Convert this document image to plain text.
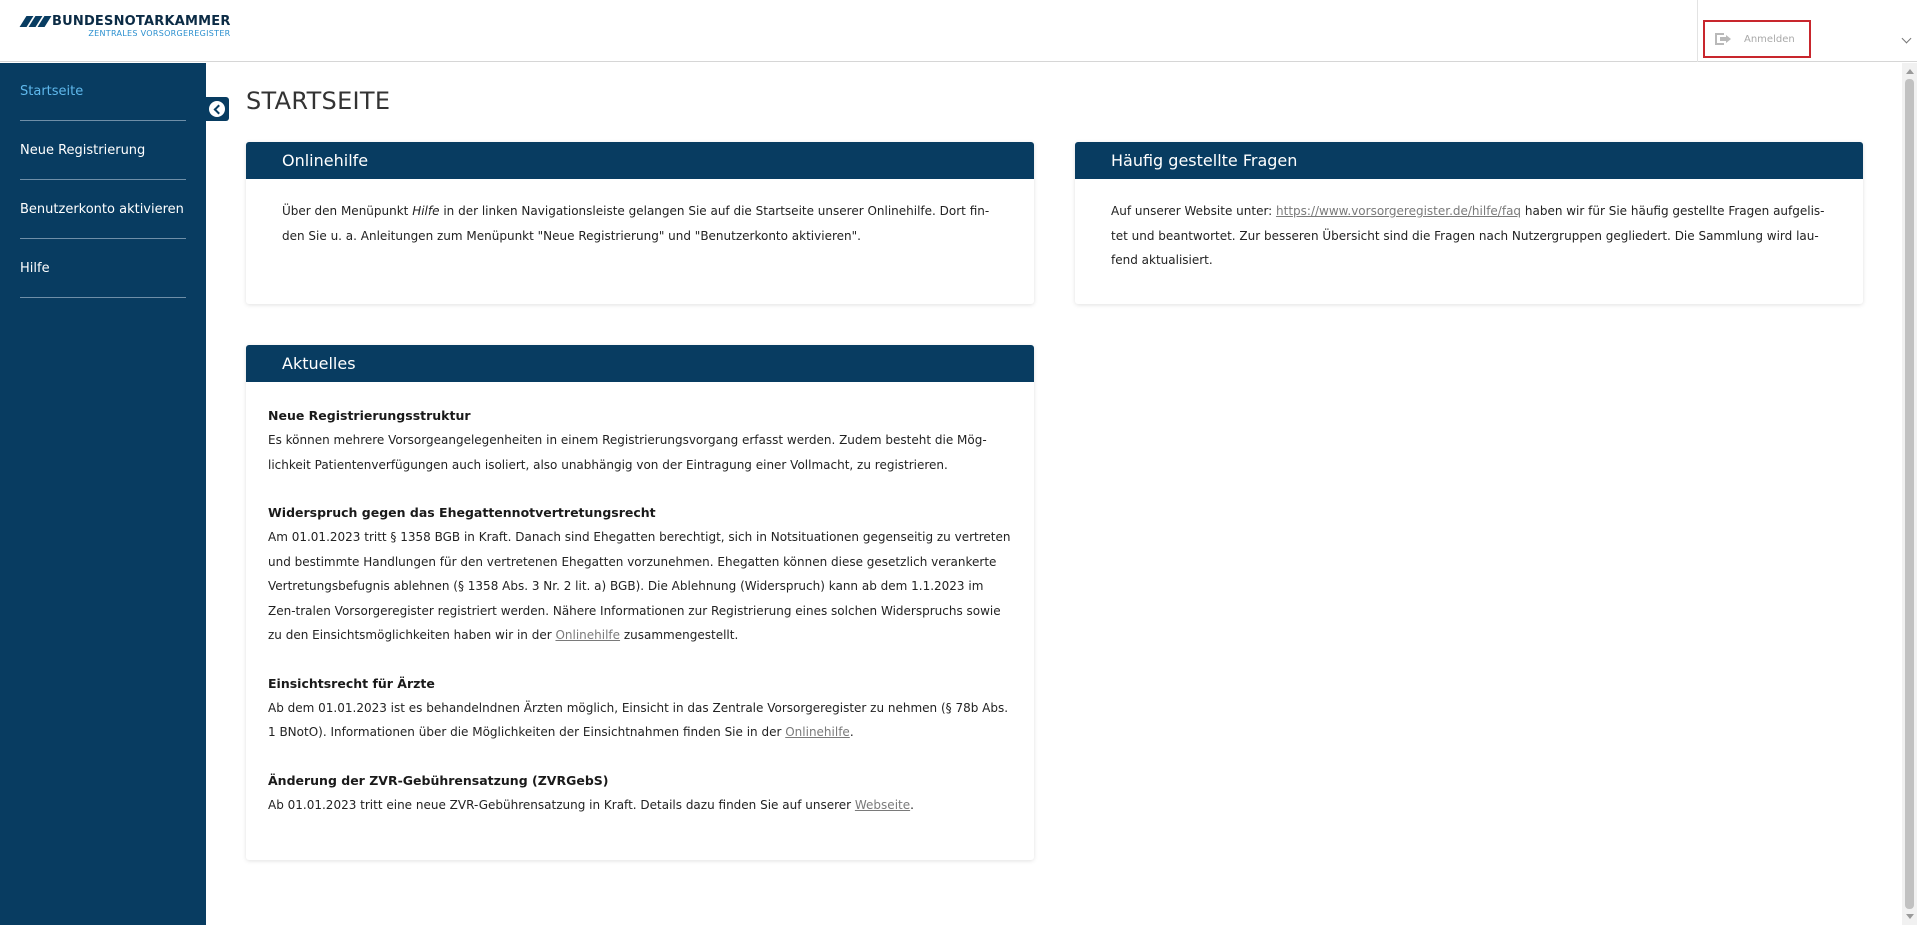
BUNDESNOTARKAMMER
ZENTRALES VORSORGEREGISTER	Anmelden
Startseite
Neue Registrierung
Benutzerkonto aktivieren
Hilfe
STARTSEITE
Onlinehilfe
Über den Menüpunkt Hilfe in der linken Navigationsleiste gelangen Sie auf die Startseite unserer Onlinehilfe. Dort fin-den Sie u. a. Anleitungen zum Menüpunkt "Neue Registrierung" und "Benutzerkonto aktivieren".
Häufig gestellte Fragen
Auf unserer Website unter: https://www.vorsorgeregister.de/hilfe/faq haben wir für Sie häufig gestellte Fragen aufgelis-tet und beantwortet. Zur besseren Übersicht sind die Fragen nach Nutzergruppen gegliedert. Die Sammlung wird lau-fend aktualisiert.
Aktuelles
Neue Registrierungsstruktur
Es können mehrere Vorsorgeangelegenheiten in einem Registrierungsvorgang erfasst werden. Zudem besteht die Mög-lichkeit Patientenverfügungen auch isoliert, also unabhängig von der Eintragung einer Vollmacht, zu registrieren.
Widerspruch gegen das Ehegattennotvertretungsrecht
Am 01.01.2023 tritt § 1358 BGB in Kraft. Danach sind Ehegatten berechtigt, sich in Notsituationen gegenseitig zu vertreten und bestimmte Handlungen für den vertretenen Ehegatten vorzunehmen. Ehegatten können diese gesetzlich verankerte Vertretungsbefugnis ablehnen (§ 1358 Abs. 3 Nr. 2 lit. a) BGB). Die Ablehnung (Widerspruch) kann ab dem 1.1.2023 im Zen-tralen Vorsorgeregister registriert werden. Nähere Informationen zur Registrierung eines solchen Widerspruchs sowie zu den Einsichtsmöglichkeiten haben wir in der Onlinehilfe zusammengestellt.
Einsichtsrecht für Ärzte
Ab dem 01.01.2023 ist es behandelndnen Ärzten möglich, Einsicht in das Zentrale Vorsorgeregister zu nehmen (§ 78b Abs. 1 BNotO). Informationen über die Möglichkeiten der Einsichtnahmen finden Sie in der Onlinehilfe.
Änderung der ZVR-Gebührensatzung (ZVRGebS)
Ab 01.01.2023 tritt eine neue ZVR-Gebührensatzung in Kraft. Details dazu finden Sie auf unserer Webseite.
